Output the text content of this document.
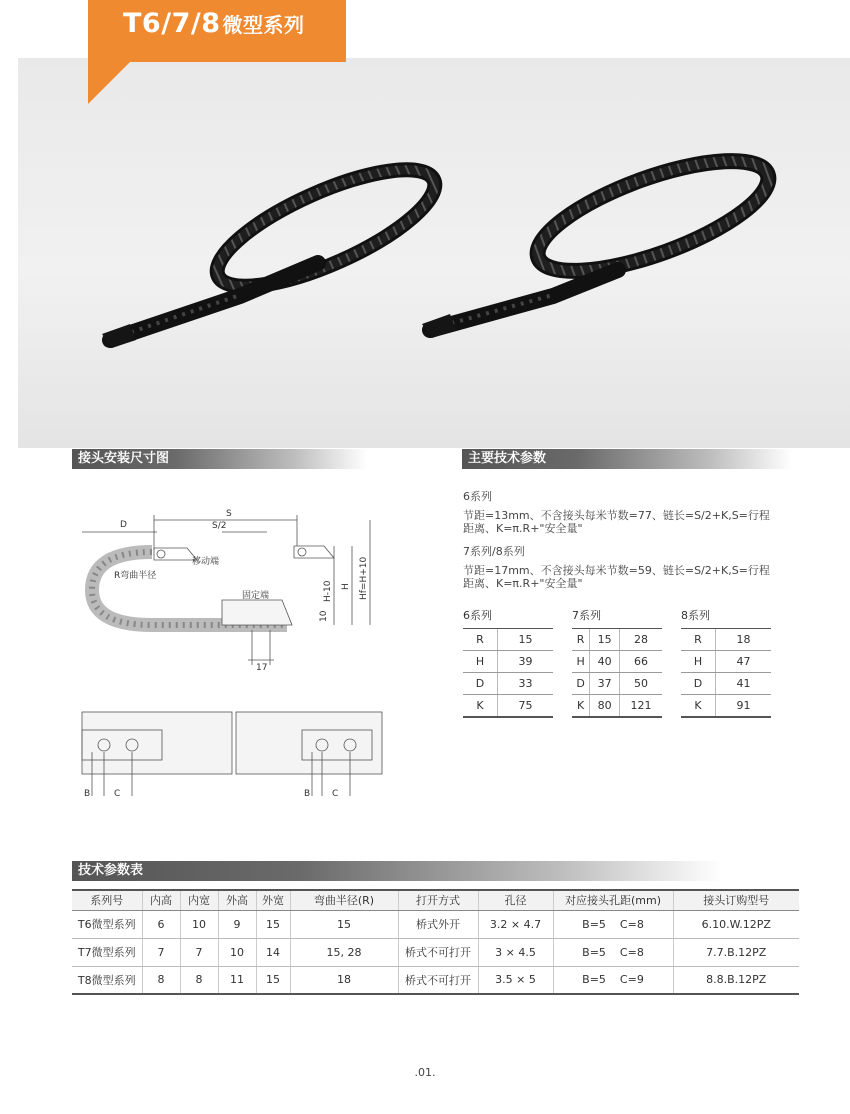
T6/7/8 微型系列
接头安装尺寸图	主要技术参数
技术参数表
D
S
S/2
移动端
R弯曲半径
固定端	H-10 H Hf=H+10
10
17
B	C	B C
6系列
节距=13mm、不含接头每米节数=77、链长=S/2+K,S=行程
距离、K=π.R+"安全量"
7系列/8系列
节距=17mm、不含接头每米节数=59、链长=S/2+K,S=行程
距离、K=π.R+"安全量"
6系列
R	15
H	39
D	33
K	75
7系列
R	15	28
H	40	66
D	37	50
K	80	121
8系列
R	18
H	47
D	41
K	91
系列号	内高	内宽	外高	外宽	弯曲半径(R)	打开方式	孔径	对应接头孔距(mm)	接头订购型号
T6微型系列	6	10	9	15	15	桥式外开	3.2 × 4.7	B=5    C=8	6.10.W.12PZ
T7微型系列	7	7	10	14	15, 28	桥式不可打开	3 × 4.5	B=5    C=8	7.7.B.12PZ
T8微型系列	8	8	11	15	18	桥式不可打开	3.5 × 5	B=5    C=9	8.8.B.12PZ
.01.
